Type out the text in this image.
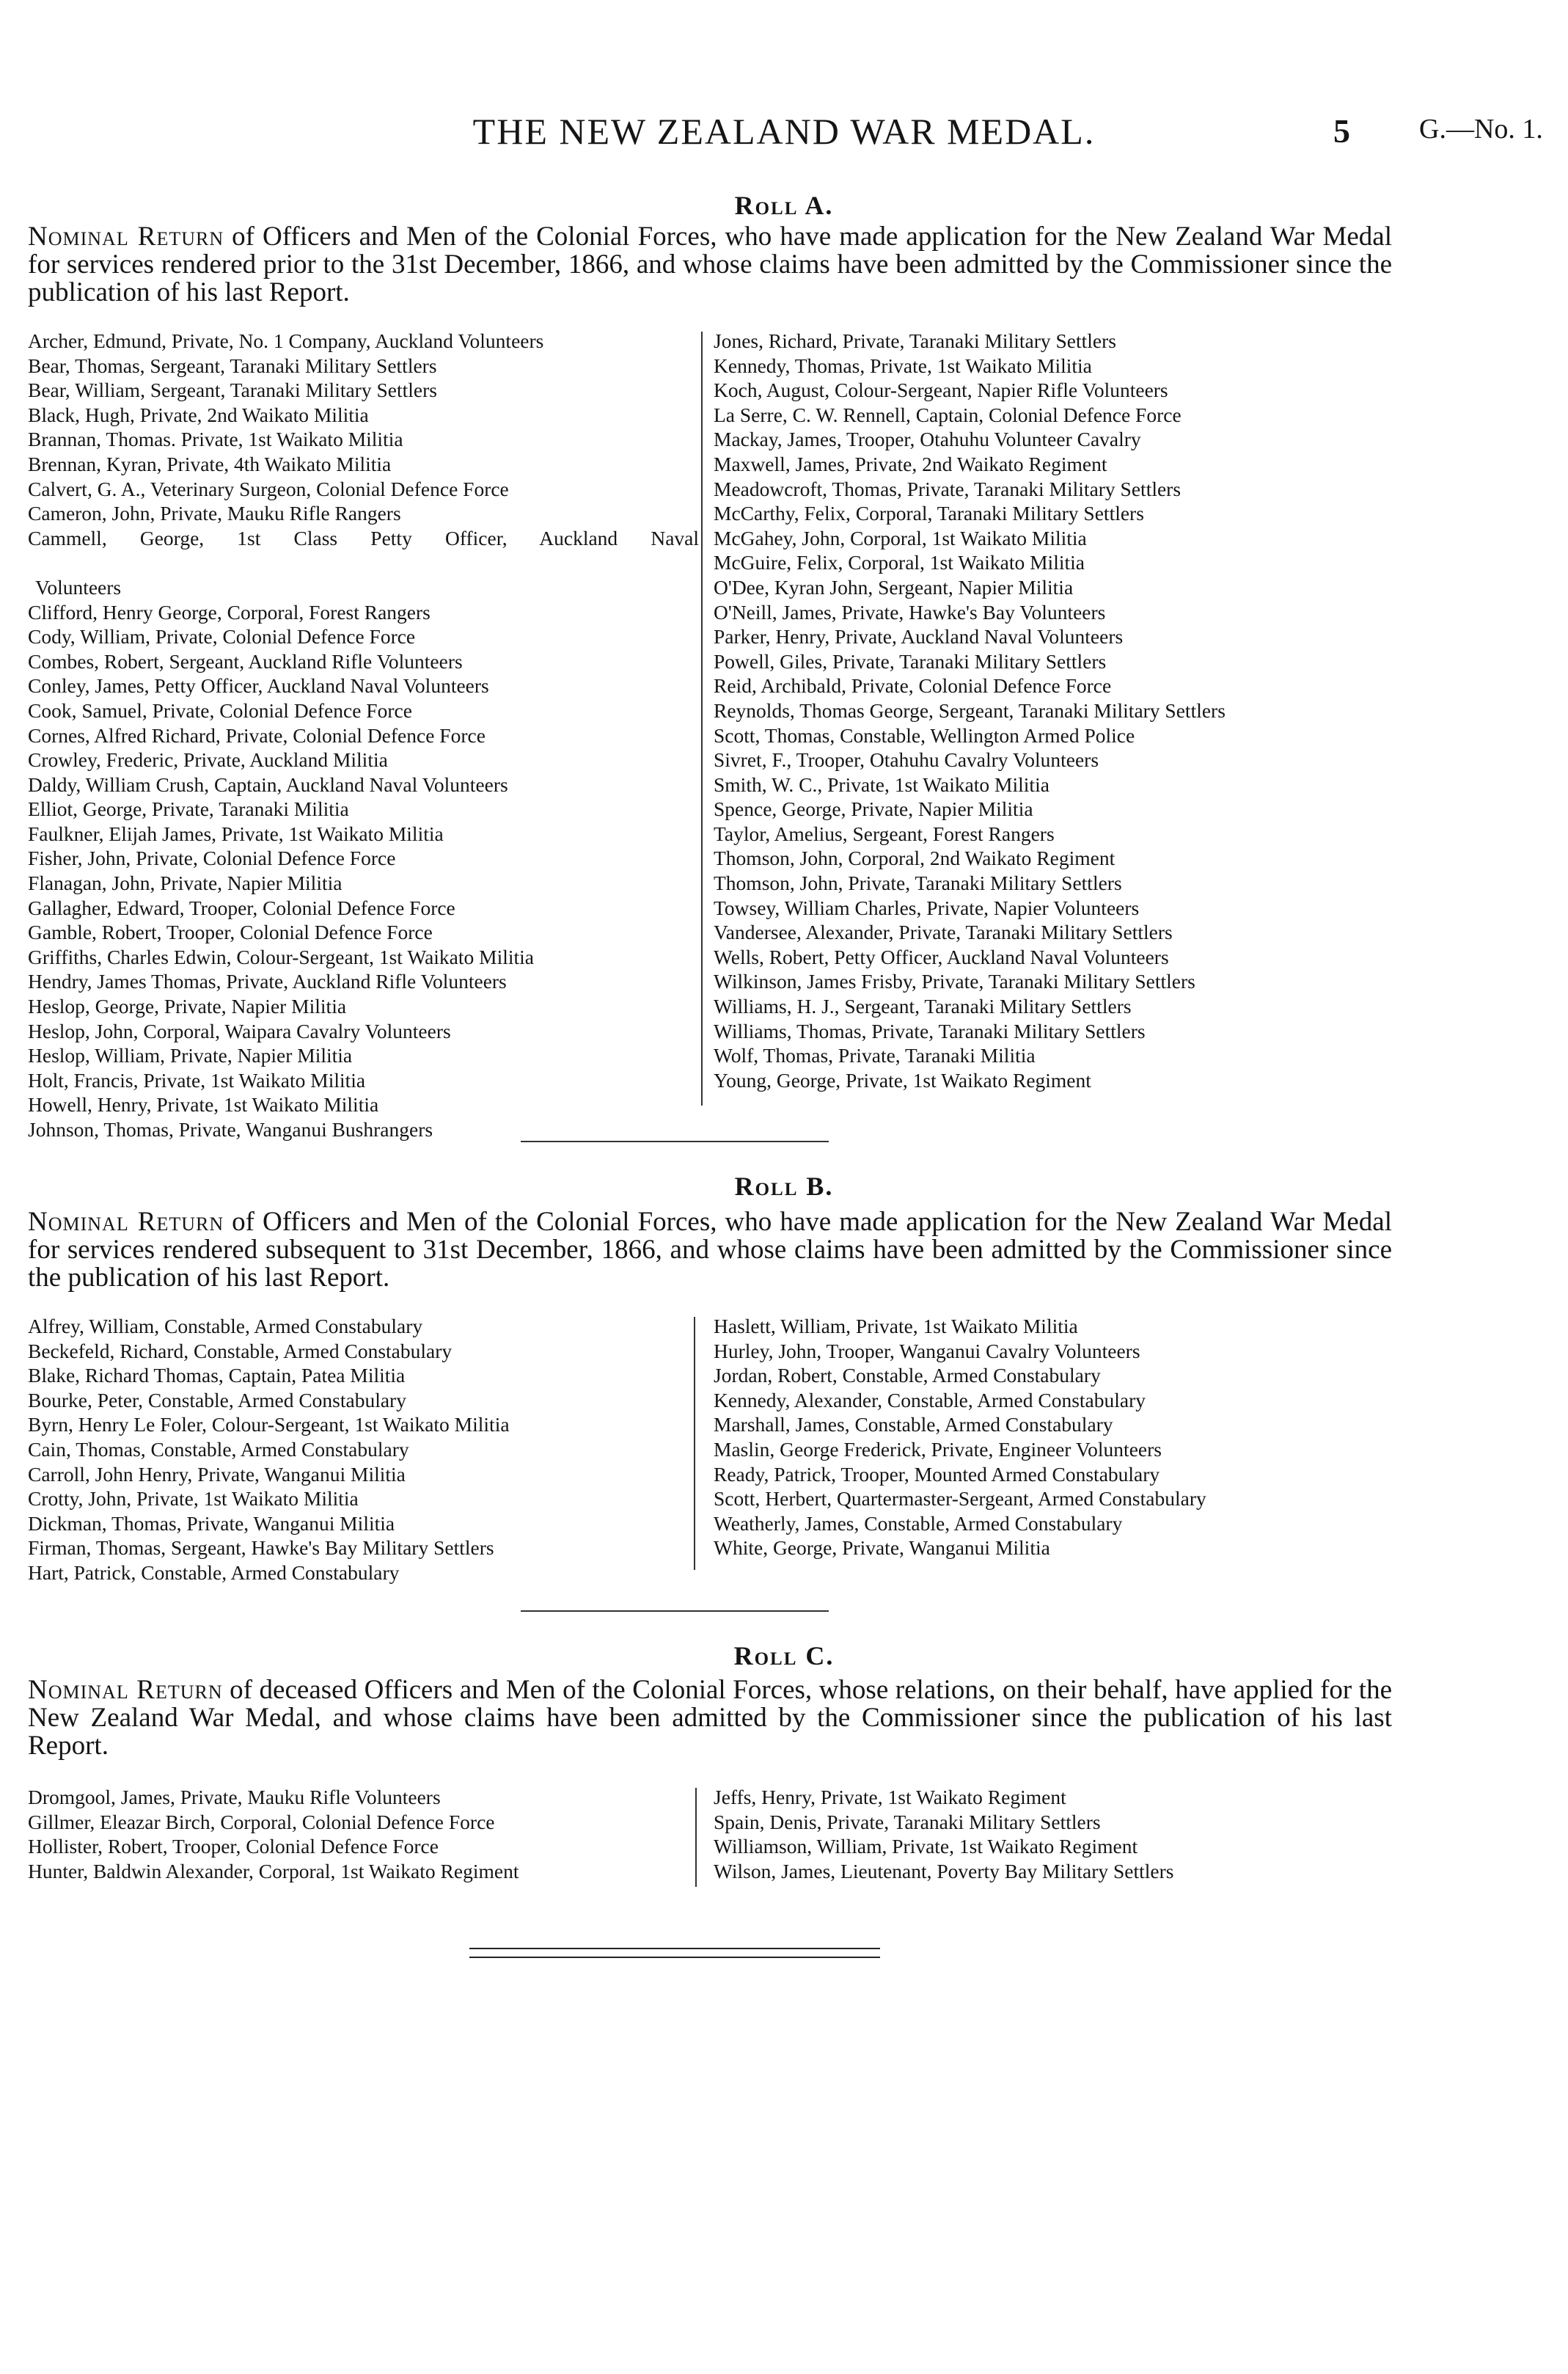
THE NEW ZEALAND WAR MEDAL.	5 G.—No. 1.
Roll A.

Nominal Return of Officers and Men of the Colonial Forces, who have made application for the New Zealand War Medal for services rendered prior to the 31st December, 1866, and whose claims have been admitted by the Commissioner since the publication of his last Report.

Archer, Edmund, Private, No. 1 Company, Auckland Volunteers
Bear, Thomas, Sergeant, Taranaki Military Settlers
Bear, William, Sergeant, Taranaki Military Settlers
Black, Hugh, Private, 2nd Waikato Militia
Brannan, Thomas. Private, 1st Waikato Militia
Brennan, Kyran, Private, 4th Waikato Militia
Calvert, G. A., Veterinary Surgeon, Colonial Defence Force
Cameron, John, Private, Mauku Rifle Rangers
Cammell, George, 1st Class Petty Officer, Auckland Naval
Volunteers
Clifford, Henry George, Corporal, Forest Rangers
Cody, William, Private, Colonial Defence Force
Combes, Robert, Sergeant, Auckland Rifle Volunteers
Conley, James, Petty Officer, Auckland Naval Volunteers
Cook, Samuel, Private, Colonial Defence Force
Cornes, Alfred Richard, Private, Colonial Defence Force
Crowley, Frederic, Private, Auckland Militia
Daldy, William Crush, Captain, Auckland Naval Volunteers
Elliot, George, Private, Taranaki Militia
Faulkner, Elijah James, Private, 1st Waikato Militia
Fisher, John, Private, Colonial Defence Force
Flanagan, John, Private, Napier Militia
Gallagher, Edward, Trooper, Colonial Defence Force
Gamble, Robert, Trooper, Colonial Defence Force
Griffiths, Charles Edwin, Colour-Sergeant, 1st Waikato Militia
Hendry, James Thomas, Private, Auckland Rifle Volunteers
Heslop, George, Private, Napier Militia
Heslop, John, Corporal, Waipara Cavalry Volunteers
Heslop, William, Private, Napier Militia
Holt, Francis, Private, 1st Waikato Militia
Howell, Henry, Private, 1st Waikato Militia
Johnson, Thomas, Private, Wanganui Bushrangers
Jones, Richard, Private, Taranaki Military Settlers
Kennedy, Thomas, Private, 1st Waikato Militia
Koch, August, Colour-Sergeant, Napier Rifle Volunteers
La Serre, C. W. Rennell, Captain, Colonial Defence Force
Mackay, James, Trooper, Otahuhu Volunteer Cavalry
Maxwell, James, Private, 2nd Waikato Regiment
Meadowcroft, Thomas, Private, Taranaki Military Settlers
McCarthy, Felix, Corporal, Taranaki Military Settlers
McGahey, John, Corporal, 1st Waikato Militia
McGuire, Felix, Corporal, 1st Waikato Militia
O'Dee, Kyran John, Sergeant, Napier Militia
O'Neill, James, Private, Hawke's Bay Volunteers
Parker, Henry, Private, Auckland Naval Volunteers
Powell, Giles, Private, Taranaki Military Settlers
Reid, Archibald, Private, Colonial Defence Force
Reynolds, Thomas George, Sergeant, Taranaki Military Settlers
Scott, Thomas, Constable, Wellington Armed Police
Sivret, F., Trooper, Otahuhu Cavalry Volunteers
Smith, W. C., Private, 1st Waikato Militia
Spence, George, Private, Napier Militia
Taylor, Amelius, Sergeant, Forest Rangers
Thomson, John, Corporal, 2nd Waikato Regiment
Thomson, John, Private, Taranaki Military Settlers
Towsey, William Charles, Private, Napier Volunteers
Vandersee, Alexander, Private, Taranaki Military Settlers
Wells, Robert, Petty Officer, Auckland Naval Volunteers
Wilkinson, James Frisby, Private, Taranaki Military Settlers
Williams, H. J., Sergeant, Taranaki Military Settlers
Williams, Thomas, Private, Taranaki Military Settlers
Wolf, Thomas, Private, Taranaki Militia
Young, George, Private, 1st Waikato Regiment
Roll B.

Nominal Return of Officers and Men of the Colonial Forces, who have made application for the New Zealand War Medal for services rendered subsequent to 31st December, 1866, and whose claims have been admitted by the Commissioner since the publication of his last Report.

Alfrey, William, Constable, Armed Constabulary
Beckefeld, Richard, Constable, Armed Constabulary
Blake, Richard Thomas, Captain, Patea Militia
Bourke, Peter, Constable, Armed Constabulary
Byrn, Henry Le Foler, Colour-Sergeant, 1st Waikato Militia
Cain, Thomas, Constable, Armed Constabulary
Carroll, John Henry, Private, Wanganui Militia
Crotty, John, Private, 1st Waikato Militia
Dickman, Thomas, Private, Wanganui Militia
Firman, Thomas, Sergeant, Hawke's Bay Military Settlers
Hart, Patrick, Constable, Armed Constabulary
Haslett, William, Private, 1st Waikato Militia
Hurley, John, Trooper, Wanganui Cavalry Volunteers
Jordan, Robert, Constable, Armed Constabulary
Kennedy, Alexander, Constable, Armed Constabulary
Marshall, James, Constable, Armed Constabulary
Maslin, George Frederick, Private, Engineer Volunteers
Ready, Patrick, Trooper, Mounted Armed Constabulary
Scott, Herbert, Quartermaster-Sergeant, Armed Constabulary
Weatherly, James, Constable, Armed Constabulary
White, George, Private, Wanganui Militia
Roll C.

Nominal Return of deceased Officers and Men of the Colonial Forces, whose relations, on their behalf, have applied for the New Zealand War Medal, and whose claims have been admitted by the Commissioner since the publication of his last Report.

Dromgool, James, Private, Mauku Rifle Volunteers
Gillmer, Eleazar Birch, Corporal, Colonial Defence Force
Hollister, Robert, Trooper, Colonial Defence Force
Hunter, Baldwin Alexander, Corporal, 1st Waikato Regiment
Jeffs, Henry, Private, 1st Waikato Regiment
Spain, Denis, Private, Taranaki Military Settlers
Williamson, William, Private, 1st Waikato Regiment
Wilson, James, Lieutenant, Poverty Bay Military Settlers
